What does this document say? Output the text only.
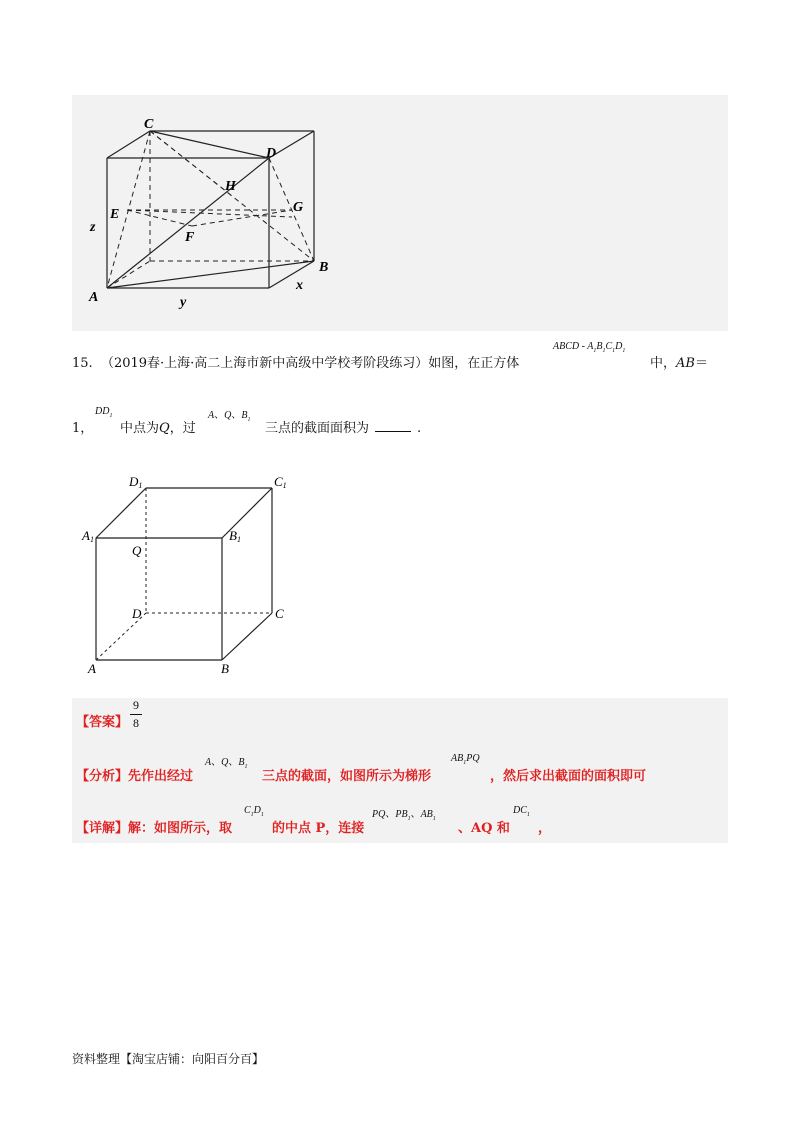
C
D
H
E	G
F
z
B
A
x
y
15. （2019春·上海·高二上海市新中高级中学校考阶段练习）如图，在正方体
ABCD - $A_1B_1C_1D_1$
中，AB＝
1，
$DD_1$
中点为Q，过
A、Q、$B_1$
三点的截面面积为	.
D1	C1
A1	B1
Q
D	C
A	B
【答案】
9
8
【分析】先作出经过
A、Q、$B_1$
三点的截面，如图所示为梯形
$AB_1PQ$
，然后求出截面的面积即可
【详解】解：如图所示，取
$C_1D_1$
的中点 P，连接
PQ、$PB_1$、$AB_1$
、AQ 和
$DC_1$
，
资料整理【淘宝店铺：向阳百分百】
